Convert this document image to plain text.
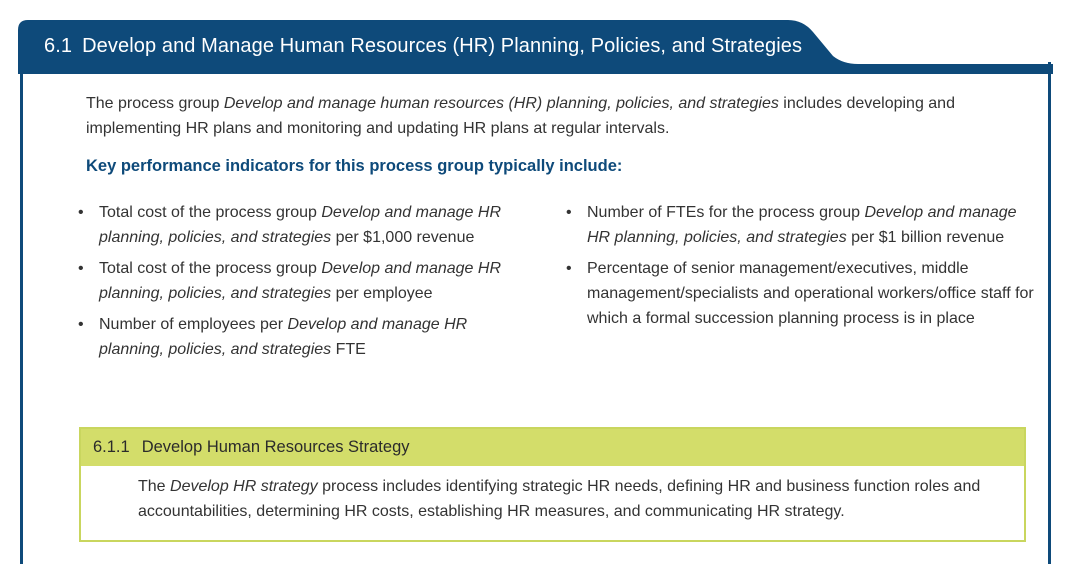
6.1 Develop and Manage Human Resources (HR) Planning, Policies, and Strategies

The process group Develop and manage human resources (HR) planning, policies, and strategies includes developing and implementing HR plans and monitoring and updating HR plans at regular intervals.

Key performance indicators for this process group typically include:
• Total cost of the process group Develop and manage HR planning, policies, and strategies per $1,000 revenue
• Total cost of the process group Develop and manage HR planning, policies, and strategies per employee
• Number of employees per Develop and manage HR planning, policies, and strategies FTE
• Number of FTEs for the process group Develop and manage HR planning, policies, and strategies per $1 billion revenue
• Percentage of senior management/executives, middle management/specialists and operational workers/office staff for which a formal succession planning process is in place
6.1.1 Develop Human Resources Strategy

The Develop HR strategy process includes identifying strategic HR needs, defining HR and business function roles and accountabilities, determining HR costs, establishing HR measures, and communicating HR strategy.
